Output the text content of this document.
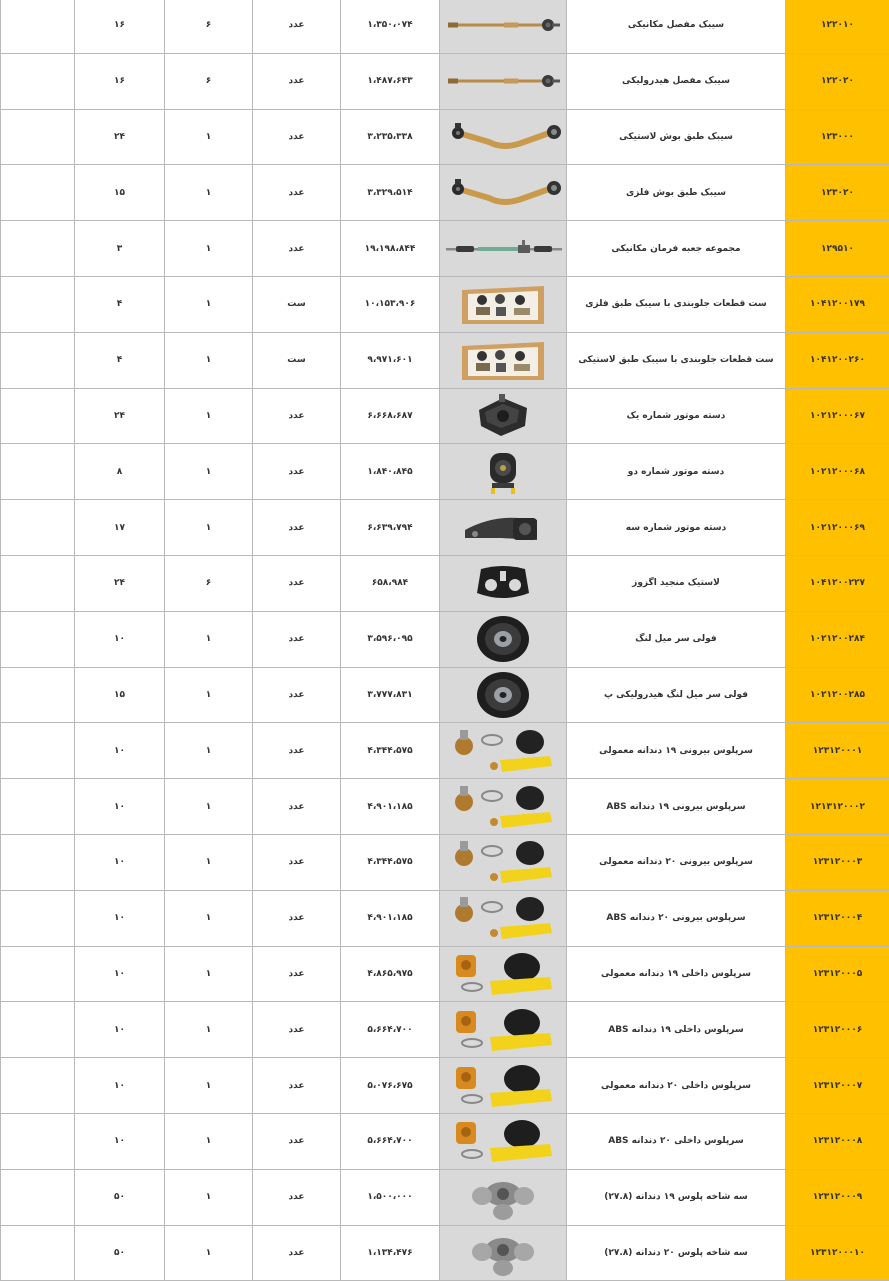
	۱۶	۶	عدد	۱،۳۵۰،۰۷۴		سیبک مفصل مکانیکی	۱۲۲۰۱۰
	۱۶	۶	عدد	۱،۴۸۷،۶۴۳		سیبک مفصل هیدرولیکی	۱۲۲۰۲۰
	۲۴	۱	عدد	۳،۲۳۵،۳۳۸		سیبک طبق بوش لاستیکی	۱۲۳۰۰۰
	۱۵	۱	عدد	۳،۳۲۹،۵۱۴		سیبک طبق بوش فلزی	۱۲۳۰۲۰
	۳	۱	عدد	۱۹،۱۹۸،۸۴۴		مجموعه جعبه فرمان مکانیکی	۱۲۹۵۱۰
	۴	۱	ست	۱۰،۱۵۳،۹۰۶		ست قطعات جلوبندی با سیبک طبق فلزی	۱۰۴۱۲۰۰۱۷۹
	۴	۱	ست	۹،۹۷۱،۶۰۱		ست قطعات جلوبندی با سیبک طبق لاستیکی	۱۰۴۱۲۰۰۲۶۰
	۲۴	۱	عدد	۶،۶۶۸،۶۸۷		دسته موتور شماره یک	۱۰۲۱۲۰۰۰۶۷
	۸	۱	عدد	۱،۸۴۰،۸۴۵		دسته موتور شماره دو	۱۰۲۱۲۰۰۰۶۸
	۱۷	۱	عدد	۶،۶۳۹،۷۹۴		دسته موتور شماره سه	۱۰۲۱۲۰۰۰۶۹
	۲۴	۶	عدد	۶۵۸،۹۸۴		لاستیک منجید اگزوز	۱۰۴۱۲۰۰۲۲۷
	۱۰	۱	عدد	۳،۵۹۶،۰۹۵		فولی سر میل لنگ	۱۰۲۱۲۰۰۲۸۴
	۱۵	۱	عدد	۳،۷۷۷،۸۳۱		فولی سر میل لنگ هیدرولیکی پ	۱۰۲۱۲۰۰۲۸۵
	۱۰	۱	عدد	۴،۳۴۴،۵۷۵		سرپلوس بیرونی ۱۹ دندانه معمولی	۱۲۳۱۲۰۰۰۱
	۱۰	۱	عدد	۴،۹۰۱،۱۸۵		سرپلوس بیرونی ۱۹ دندانه ABS	۱۲۱۳۱۲۰۰۰۲
	۱۰	۱	عدد	۴،۳۴۴،۵۷۵		سرپلوس بیرونی ۲۰ دندانه معمولی	۱۲۳۱۲۰۰۰۳
	۱۰	۱	عدد	۴،۹۰۱،۱۸۵		سرپلوس بیرونی ۲۰ دندانه ABS	۱۲۳۱۲۰۰۰۴
	۱۰	۱	عدد	۴،۸۶۵،۹۷۵		سرپلوس داخلی ۱۹ دندانه معمولی	۱۲۳۱۲۰۰۰۵
	۱۰	۱	عدد	۵،۶۶۴،۷۰۰		سرپلوس داخلی ۱۹ دندانه ABS	۱۲۳۱۲۰۰۰۶
	۱۰	۱	عدد	۵،۰۷۶،۶۷۵		سرپلوس داخلی ۲۰ دندانه معمولی	۱۲۳۱۲۰۰۰۷
	۱۰	۱	عدد	۵،۶۶۴،۷۰۰		سرپلوس داخلی ۲۰ دندانه ABS	۱۲۳۱۲۰۰۰۸
	۵۰	۱	عدد	۱،۵۰۰،۰۰۰		سه شاخه پلوس ۱۹ دندانه (۲۷.۸)	۱۲۳۱۲۰۰۰۹
	۵۰	۱	عدد	۱،۱۳۴،۴۷۶		سه شاخه پلوس ۲۰ دندانه (۲۷.۸)	۱۲۳۱۲۰۰۰۱۰
